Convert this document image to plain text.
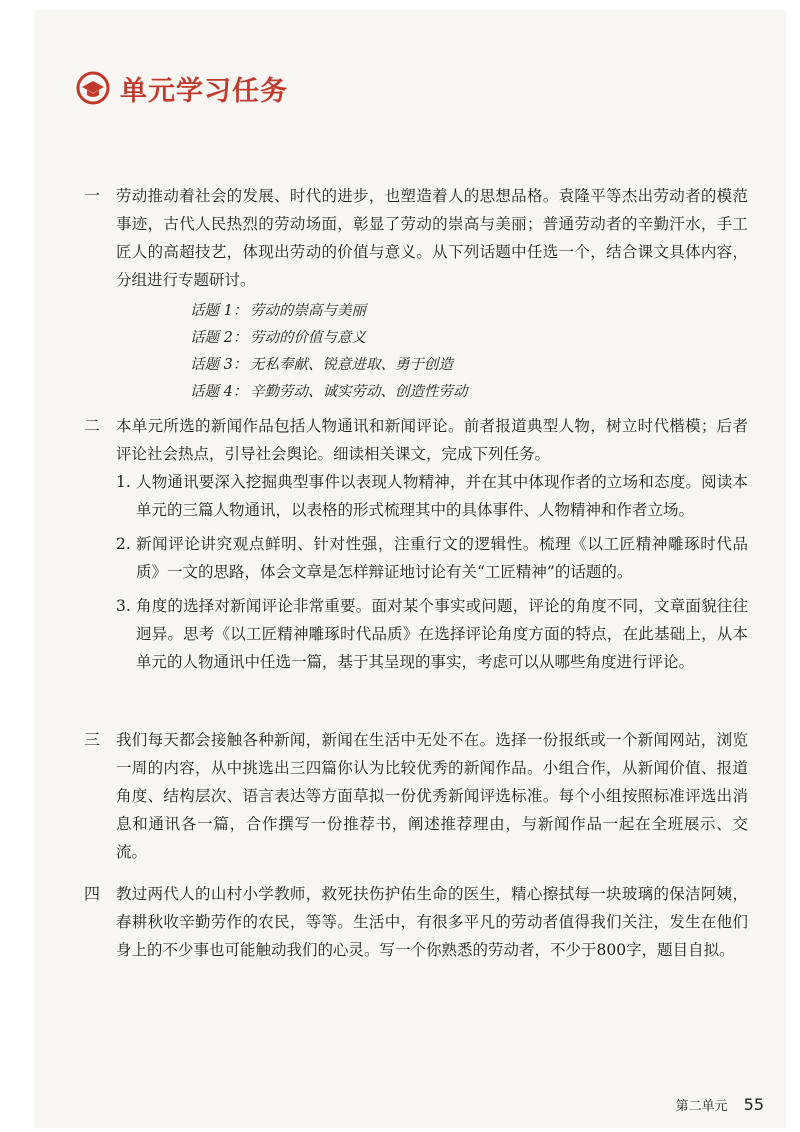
单元学习任务
一	劳动推动着社会的发展、时代的进步，也塑造着人的思想品格。袁隆平等杰出劳动者的模范事迹，古代人民热烈的劳动场面，彰显了劳动的崇高与美丽；普通劳动者的辛勤汗水，手工匠人的高超技艺，体现出劳动的价值与意义。从下列话题中任选一个，结合课文具体内容，分组进行专题研讨。

话题 1： 劳动的崇高与美丽
话题 2： 劳动的价值与意义
话题 3： 无私奉献、锐意进取、勇于创造
话题 4： 辛勤劳动、诚实劳动、创造性劳动
二	本单元所选的新闻作品包括人物通讯和新闻评论。前者报道典型人物，树立时代楷模；后者评论社会热点，引导社会舆论。细读相关课文，完成下列任务。

1. 人物通讯要深入挖掘典型事件以表现人物精神，并在其中体现作者的立场和态度。阅读本单元的三篇人物通讯，以表格的形式梳理其中的具体事件、人物精神和作者立场。
2. 新闻评论讲究观点鲜明、针对性强，注重行文的逻辑性。梳理《以工匠精神雕琢时代品质》一文的思路，体会文章是怎样辩证地讨论有关“工匠精神”的话题的。
3. 角度的选择对新闻评论非常重要。面对某个事实或问题，评论的角度不同，文章面貌往往迥异。思考《以工匠精神雕琢时代品质》在选择评论角度方面的特点，在此基础上，从本单元的人物通讯中任选一篇，基于其呈现的事实，考虑可以从哪些角度进行评论。
三	我们每天都会接触各种新闻，新闻在生活中无处不在。选择一份报纸或一个新闻网站，浏览一周的内容，从中挑选出三四篇你认为比较优秀的新闻作品。小组合作，从新闻价值、报道角度、结构层次、语言表达等方面草拟一份优秀新闻评选标准。每个小组按照标准评选出消息和通讯各一篇，合作撰写一份推荐书，阐述推荐理由，与新闻作品一起在全班展示、交流。

四	教过两代人的山村小学教师，救死扶伤护佑生命的医生，精心擦拭每一块玻璃的保洁阿姨，春耕秋收辛勤劳作的农民，等等。生活中，有很多平凡的劳动者值得我们关注，发生在他们身上的不少事也可能触动我们的心灵。写一个你熟悉的劳动者，不少于800字，题目自拟。

第二单元 55
